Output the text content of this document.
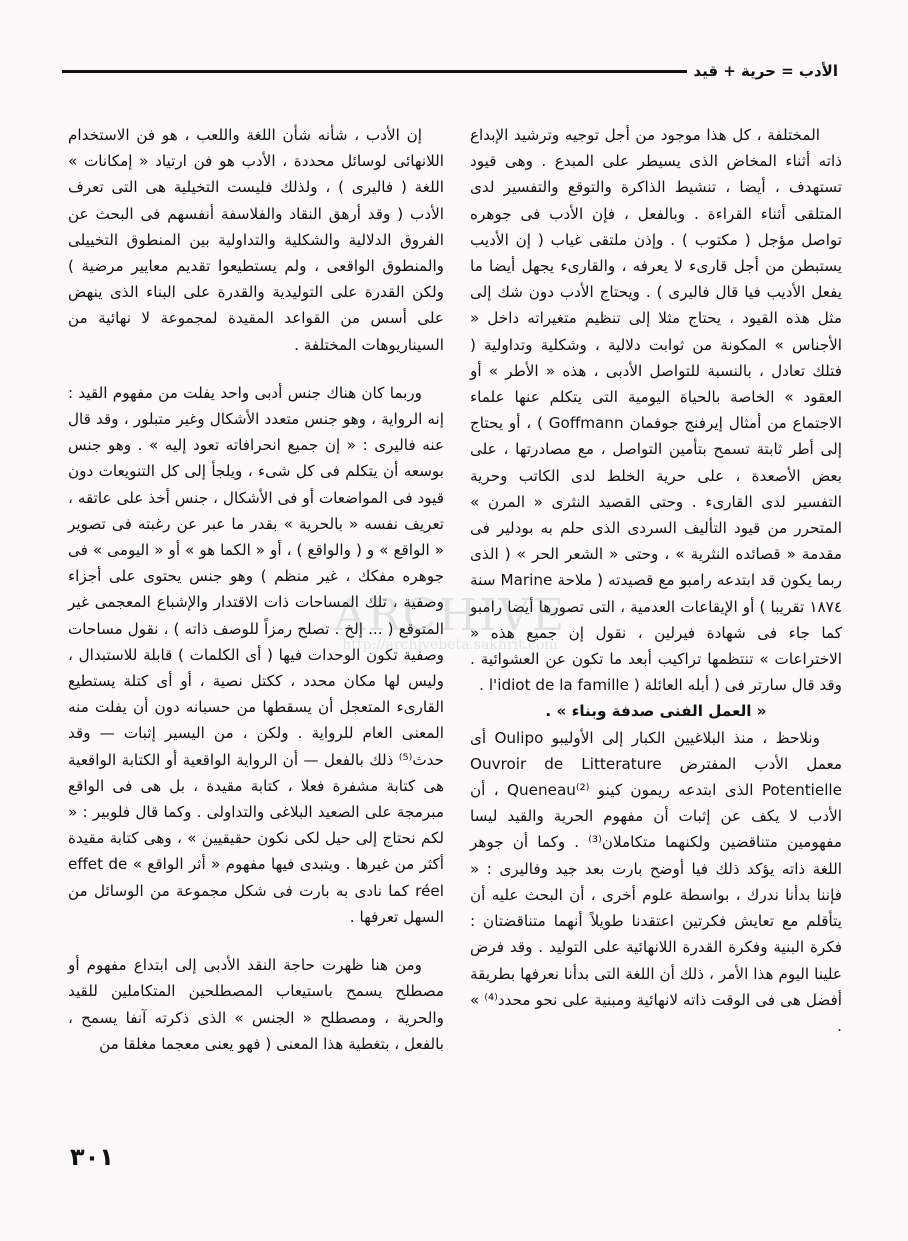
الأدب = حرية + قيد

المختلفة ، كل هذا موجود من أجل توجيه وترشيد الإبداع ذاته أثناء المخاض الذى يسيطر على المبدع . وهى قيود تستهدف ، أيضا ، تنشيط الذاكرة والتوقع والتفسير لدى المتلقى أثناء القراءة . وبالفعل ، فإن الأدب فى جوهره تواصل مؤجل ( مكتوب ) . وإذن ملتقى غياب ( إن الأديب يستبطن من أجل قارىء لا يعرفه ، والقارىء يجهل أيضا ما يفعل الأديب فيا قال فاليرى ) . ويحتاج الأدب دون شك إلى مثل هذه القيود ، يحتاج مثلا إلى تنظيم متغيراته داخل « الأجناس » المكونة من ثوابت دلالية ، وشكلية وتداولية ( فتلك تعادل ، بالنسبة للتواصل الأدبى ، هذه « الأطر » أو العقود » الخاصة بالحياة اليومية التى يتكلم عنها علماء الاجتماع من أمثال إيرفنج جوفمان Goffmann ) ، أو يحتاج إلى أطر ثابتة تسمح بتأمين التواصل ، مع مصادرتها ، على بعض الأصعدة ، على حرية الخلط لدى الكاتب وحرية التفسير لدى القارىء . وحتى القصيد النثرى « المرن » المتحرر من قيود التأليف السردى الذى حلم به بودلير فى مقدمة « قصائده النثرية » ، وحتى « الشعر الحر » ( الذى ربما يكون قد ابتدعه رامبو مع قصيدته ( ملاحة Marine سنة ١٨٧٤ تقريبا ) أو الإيقاعات العدمية ، التى تصورها أيضا رامبو كما جاء فى شهادة فيرلين ، نقول إن جميع هذه « الاختراعات » تنتظمها تراكيب أبعد ما تكون عن العشوائية . وقد قال سارتر فى ( أبله العائلة ( l'idiot de la famille .

« العمل الفنى صدفة وبناء » .

ونلاحظ ، منذ البلاغيين الكبار إلى الأوليبو Oulipo أى معمل الأدب المفترض Ouvroir de Litterature Potentielle الذى ابتدعه ريمون كينو Queneau⁽²⁾ ، أن الأدب لا يكف عن إثبات أن مفهوم الحرية والقيد ليسا مفهومين متناقضين ولكنهما متكاملان⁽³⁾ . وكما أن جوهر اللغة ذاته يؤكد ذلك فيا أوضح بارت بعد جيد وفاليرى : « فإننا بدأنا ندرك ، بواسطة علوم أخرى ، أن البحث عليه أن يتأقلم مع تعايش فكرتين اعتقدنا طويلاً أنهما متناقضتان : فكرة البنية وفكرة القدرة اللانهائية على التوليد . وقد فرض علينا اليوم هذا الأمر ، ذلك أن اللغة التى بدأنا نعرفها بطريقة أفضل هى فى الوقت ذاته لانهائية ومبنية على نحو محدد⁽⁴⁾ » .

إن الأدب ، شأنه شأن اللغة واللعب ، هو فن الاستخدام اللانهائى لوسائل محددة ، الأدب هو فن ارتياد « إمكانات » اللغة ( فاليرى ) ، ولذلك فليست التخيلية هى التى تعرف الأدب ( وقد أرهق النقاد والفلاسفة أنفسهم فى البحث عن الفروق الدلالية والشكلية والتداولية بين المنطوق التخييلى والمنطوق الواقعى ، ولم يستطيعوا تقديم معايير مرضية ) ولكن القدرة على التوليدية والقدرة على البناء الذى ينهض على أسس من القواعد المقيدة لمجموعة لا نهائية من السيناريوهات المختلفة .

وربما كان هناك جنس أدبى واحد يفلت من مفهوم القيد : إنه الرواية ، وهو جنس متعدد الأشكال وغير متبلور ، وقد قال عنه فاليرى : « إن جميع انحرافاته تعود إليه » . وهو جنس بوسعه أن يتكلم فى كل شىء ، ويلجأ إلى كل التنويعات دون قيود فى المواضعات أو فى الأشكال ، جنس أخذ على عاتقه ، تعريف نفسه « بالحرية » بقدر ما عبر عن رغبته فى تصوير « الواقع » و ( والواقع ) ، أو « الكما هو » أو « اليومى » فى جوهره مفكك ، غير منظم ) وهو جنس يحتوى على أجزاء وصفية ، تلك المساحات ذات الاقتدار والإشباع المعجمى غير المتوقع ( ... إلخ . تصلح رمزاً للوصف ذاته ) ، نقول مساحات وصفية تكون الوحدات فيها ( أى الكلمات ) قابلة للاستبدال ، وليس لها مكان محدد ، ككتل نصية ، أو أى كتلة يستطيع القارىء المتعجل أن يسقطها من حسبانه دون أن يفلت منه المعنى العام للرواية . ولكن ، من اليسير إثبات — وقد حدث⁽⁵⁾ ذلك بالفعل — أن الرواية الواقعية أو الكتابة الواقعية هى كتابة مشفرة فعلا ، كتابة مقيدة ، بل هى فى الواقع مبرمجة على الصعيد البلاغى والتداولى . وكما قال فلوبير : « لكم نحتاج إلى حيل لكى نكون حقيقيين » ، وهى كتابة مقيدة أكثر من غيرها . ويتبدى فيها مفهوم « أثر الواقع » effet de réel كما نادى به بارت فى شكل مجموعة من الوسائل من السهل تعرفها .

ومن هنا ظهرت حاجة النقد الأدبى إلى ابتداع مفهوم أو مصطلح يسمح باستيعاب المصطلحين المتكاملين للقيد والحرية ، ومصطلح « الجنس » الذى ذكرته آنفا يسمح ، بالفعل ، بتغطية هذا المعنى ( فهو يعنى معجما مغلقا من

ARCHIVE
http://archivebeta.sakhrit.com
٣٠١
